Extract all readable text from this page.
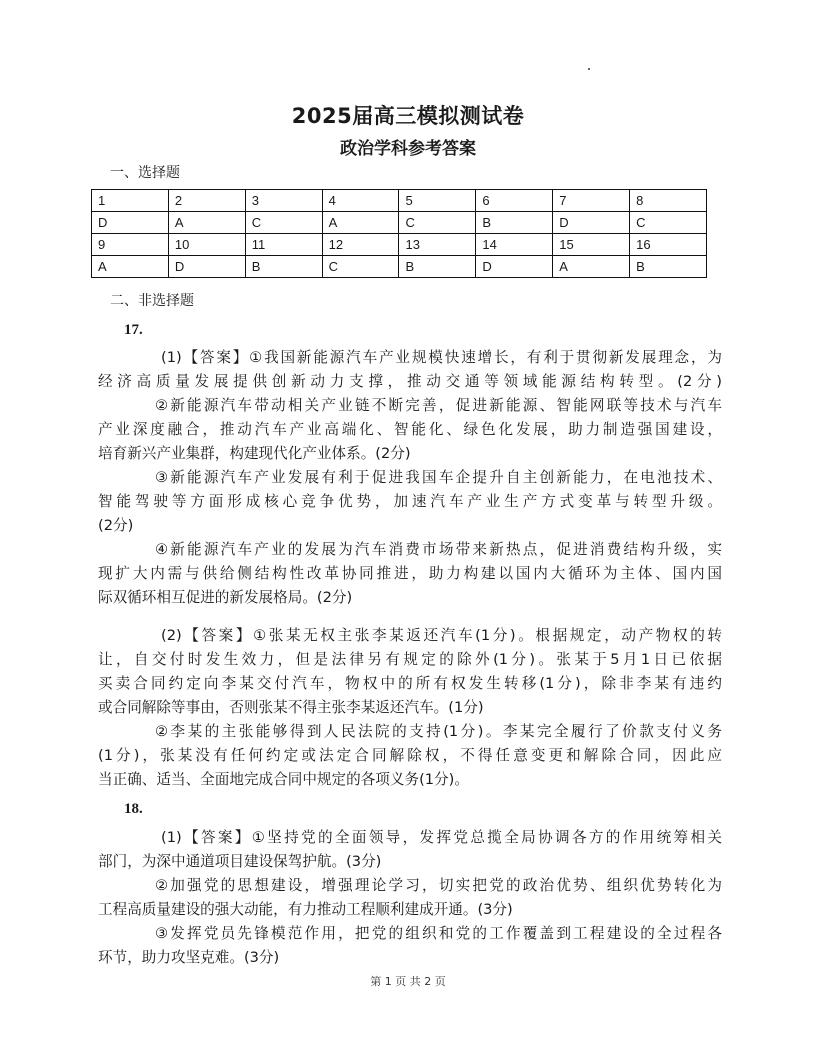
2025届高三模拟测试卷
政治学科参考答案
一、选择题
1	2	3	4	5	6	7	8
D	A	C	A	C	B	D	C
9	10	11	12	13	14	15	16
A	D	B	C	B	D	A	B
二、非选择题
17.
(1)【答案】①我国新能源汽车产业规模快速增长，有利于贯彻新发展理念，为
经济高质量发展提供创新动力支撑，推动交通等领域能源结构转型。(2分)
②新能源汽车带动相关产业链不断完善，促进新能源、智能网联等技术与汽车
产业深度融合，推动汽车产业高端化、智能化、绿色化发展，助力制造强国建设，
培育新兴产业集群，构建现代化产业体系。(2分)
③新能源汽车产业发展有利于促进我国车企提升自主创新能力，在电池技术、
智能驾驶等方面形成核心竞争优势，加速汽车产业生产方式变革与转型升级。
(2分)
④新能源汽车产业的发展为汽车消费市场带来新热点，促进消费结构升级，实
现扩大内需与供给侧结构性改革协同推进，助力构建以国内大循环为主体、国内国
际双循环相互促进的新发展格局。(2分)
(2)【答案】①张某无权主张李某返还汽车(1分)。根据规定，动产物权的转
让，自交付时发生效力，但是法律另有规定的除外(1分)。张某于5月1日已依据
买卖合同约定向李某交付汽车，物权中的所有权发生转移(1分)，除非李某有违约
或合同解除等事由，否则张某不得主张李某返还汽车。(1分)
②李某的主张能够得到人民法院的支持(1分)。李某完全履行了价款支付义务
(1分)，张某没有任何约定或法定合同解除权，不得任意变更和解除合同，因此应
当正确、适当、全面地完成合同中规定的各项义务(1分)。
18.
(1)【答案】①坚持党的全面领导，发挥党总揽全局协调各方的作用统筹相关
部门，为深中通道项目建设保驾护航。(3分)
②加强党的思想建设，增强理论学习，切实把党的政治优势、组织优势转化为
工程高质量建设的强大动能，有力推动工程顺利建成开通。(3分)
③发挥党员先锋模范作用，把党的组织和党的工作覆盖到工程建设的全过程各
环节，助力攻坚克难。(3分)
第 1 页 共 2 页
